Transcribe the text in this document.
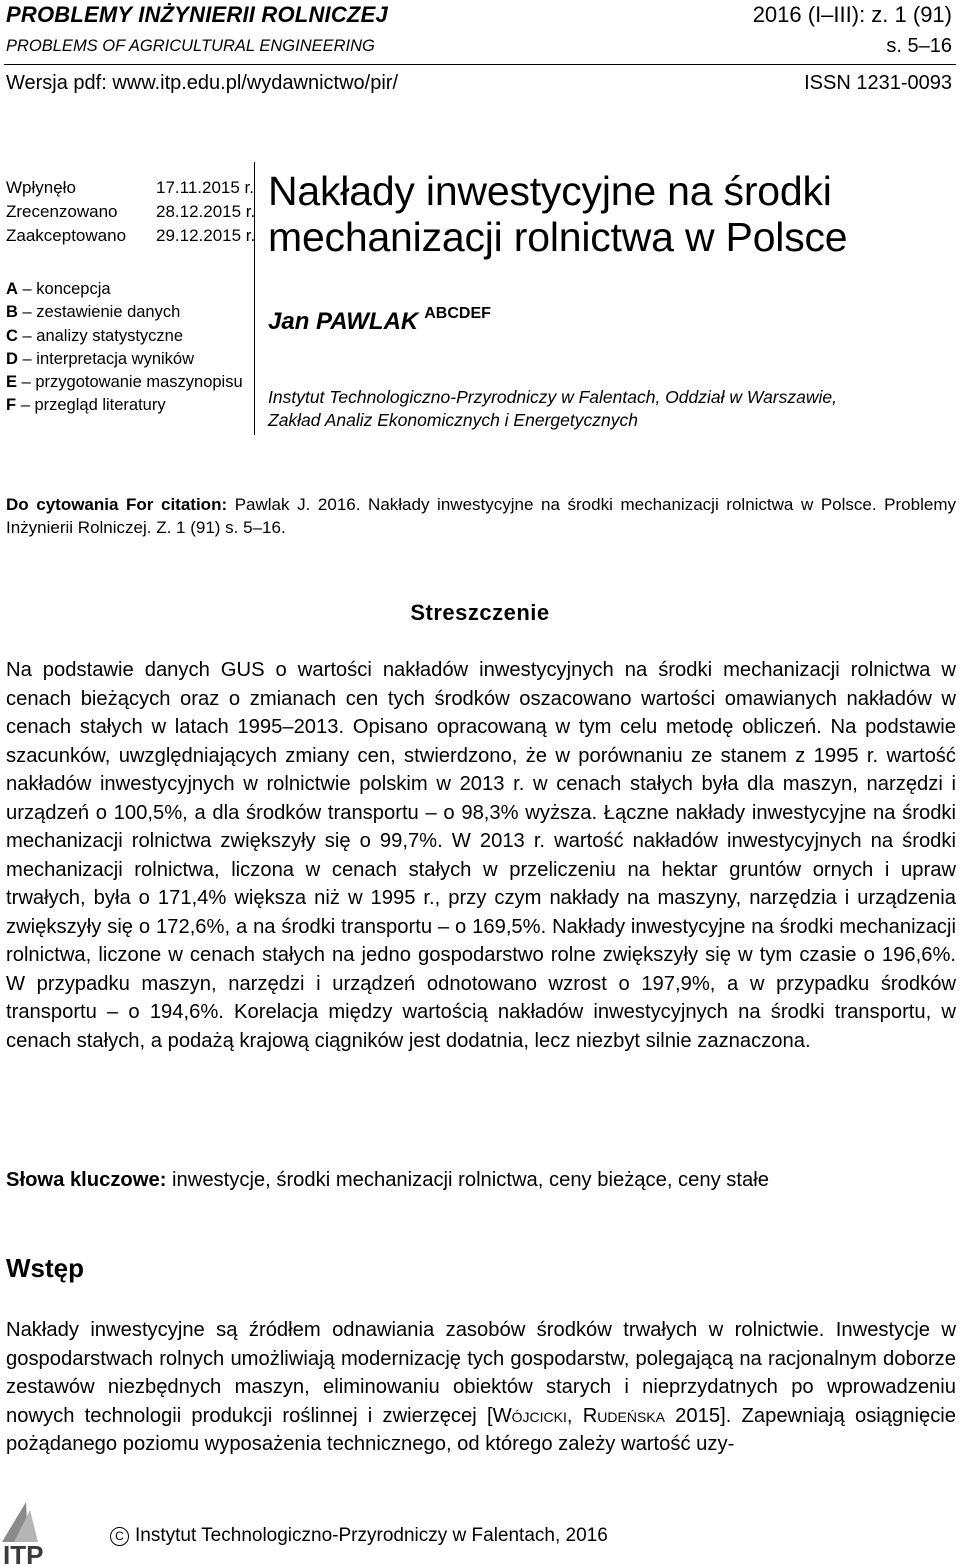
PROBLEMY INŻYNIERII ROLNICZEJ
PROBLEMS OF AGRICULTURAL ENGINEERING
2016 (I–III): z. 1 (91)
s. 5–16
Wersja pdf: www.itp.edu.pl/wydawnictwo/pir/	ISSN 1231-0093
Wpłynęło	17.11.2015 r.
Zrecenzowano 28.12.2015 r.
Zaakceptowano 29.12.2015 r.
A – koncepcja
B – zestawienie danych
C – analizy statystyczne
D – interpretacja wyników
E – przygotowanie maszynopisu
F – przegląd literatury
Nakłady inwestycyjne na środki
mechanizacji rolnictwa w Polsce
Jan PAWLAK $^{ABCDEF}$
Instytut Technologiczno-Przyrodniczy w Falentach, Oddział w Warszawie,
Zakład Analiz Ekonomicznych i Energetycznych
Do cytowania For citation: Pawlak J. 2016. Nakłady inwestycyjne na środki mechanizacji rolnictwa w Polsce. Problemy Inżynierii Rolniczej. Z. 1 (91) s. 5–16.
Streszczenie
Na podstawie danych GUS o wartości nakładów inwestycyjnych na środki mechanizacji rolnictwa w cenach bieżących oraz o zmianach cen tych środków oszacowano wartości omawianych nakładów w cenach stałych w latach 1995–2013. Opisano opracowaną w tym celu metodę obliczeń. Na podstawie szacunków, uwzględniających zmiany cen, stwierdzono, że w porównaniu ze stanem z 1995 r. wartość nakładów inwestycyjnych w rolnictwie polskim w 2013 r. w cenach stałych była dla maszyn, narzędzi i urządzeń o 100,5%, a dla środków transportu – o 98,3% wyższa. Łączne nakłady inwestycyjne na środki mechanizacji rolnictwa zwiększyły się o 99,7%. W 2013 r. wartość nakładów inwestycyjnych na środki mechanizacji rolnictwa, liczona w cenach stałych w przeliczeniu na hektar gruntów ornych i upraw trwałych, była o 171,4% większa niż w 1995 r., przy czym nakłady na maszyny, narzędzia i urządzenia zwiększyły się o 172,6%, a na środki transportu – o 169,5%. Nakłady inwestycyjne na środki mechanizacji rolnictwa, liczone w cenach stałych na jedno gospodarstwo rolne zwiększyły się w tym czasie o 196,6%. W przypadku maszyn, narzędzi i urządzeń odnotowano wzrost o 197,9%, a w przypadku środków transportu – o 194,6%. Korelacja między wartością nakładów inwestycyjnych na środki transportu, w cenach stałych, a podażą krajową ciągników jest dodatnia, lecz niezbyt silnie zaznaczona.
Słowa kluczowe: inwestycje, środki mechanizacji rolnictwa, ceny bieżące, ceny stałe
Wstęp
Nakłady inwestycyjne są źródłem odnawiania zasobów środków trwałych w rolnictwie. Inwestycje w gospodarstwach rolnych umożliwiają modernizację tych gospodarstw, polegającą na racjonalnym doborze zestawów niezbędnych maszyn, eliminowaniu obiektów starych i nieprzydatnych po wprowadzeniu nowych technologii produkcji roślinnej i zwierzęcej [Wójcicki, Rudeńska 2015]. Zapewniają osiągnięcie pożądanego poziomu wyposażenia technicznego, od którego zależy wartość uzy-
ITP
C Instytut Technologiczno-Przyrodniczy w Falentach, 2016
